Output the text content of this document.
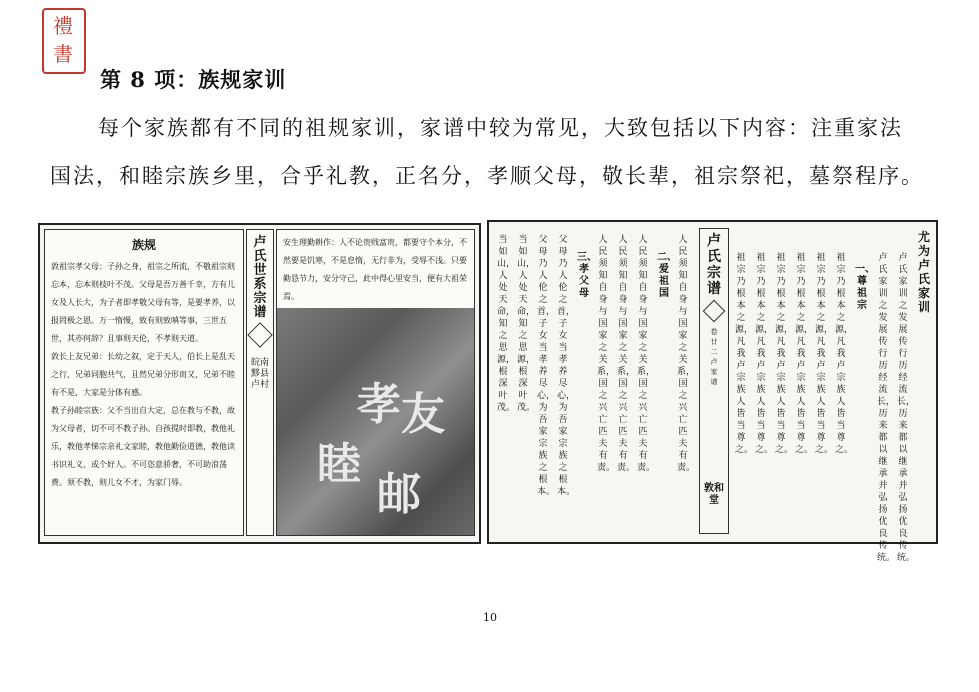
禮
書
第 8 项：族规家训
每个家族都有不同的祖规家训，家谱中较为常见，大致包括以下内容：注重家法
国法，和睦宗族乡里，合乎礼教，正名分，孝顺父母，敬长辈，祖宗祭祀，墓祭程序。
族规
敦祖宗孝父母：子孙之身，祖宗之所流，不敬祖宗则忘本，忘本则枝叶不茂。父母是吾万善千幸，方有儿女及人长大，为子者即孝敬父母有等，是要孝养，以报罔极之恩。万一惰慢，致有则致嗔等事，三世五世，其亦何辞？且事则天伦，不孝则天道。
敦长上友兄弟：长幼之叙，定于天人，伯长上是乱天之行，兄弟同胞共气，且然兄弟分形而又，兄弟不睦有不是，大家是分体有感。
教子孙睦宗族：父不当出自大定，总在教与不教，故为父母者，切不可不教子孙。自孩提时即教，教他礼乐，教他孝悌宗亲礼文家睦，教他勤俭道德，教他读书识礼义，或个好人。不可恣意骄奢，不可助浪荡费。须不教，则儿女不才，为家门辱。
卢氏世系宗谱
皖南黟县卢村
安生理勤耕作：人不论贵贱富贵，都要守个本分，不然要是饥寒，不是怠惰，无行非为，受辱不浅。只要勤恳节力，安分守己，此中得心里安当，便有大祖荣焉。
孝 友
睦
邮
尤为卢氏家训
卢氏家训之发展传行历经流长，历来都以继承并弘扬优良传统。
卢氏家训之发展传行历经流长，历来都以继承并弘扬优良传统。
一、尊祖宗
祖宗乃根本之源，凡我卢宗族人皆当尊之。
祖宗乃根本之源，凡我卢宗族人皆当尊之。
祖宗乃根本之源，凡我卢宗族人皆当尊之。
祖宗乃根本之源，凡我卢宗族人皆当尊之。
祖宗乃根本之源，凡我卢宗族人皆当尊之。
祖宗乃根本之源，凡我卢宗族人皆当尊之。
卢氏宗谱
卷廿二 卢家谱
敦和堂
人民须知自身与国家之关系，国之兴亡匹夫有责。
二、爱祖国
人民须知自身与国家之关系，国之兴亡匹夫有责。
人民须知自身与国家之关系，国之兴亡匹夫有责。
人民须知自身与国家之关系，国之兴亡匹夫有责。
三、孝父母
父母乃人伦之首，子女当孝养尽心，为吾家宗族之根本。
父母乃人伦之首，子女当孝养尽心，为吾家宗族之根本。
当如山，人处天命，知之思源，根深叶茂。
当如山，人处天命，知之思源，根深叶茂。
10
